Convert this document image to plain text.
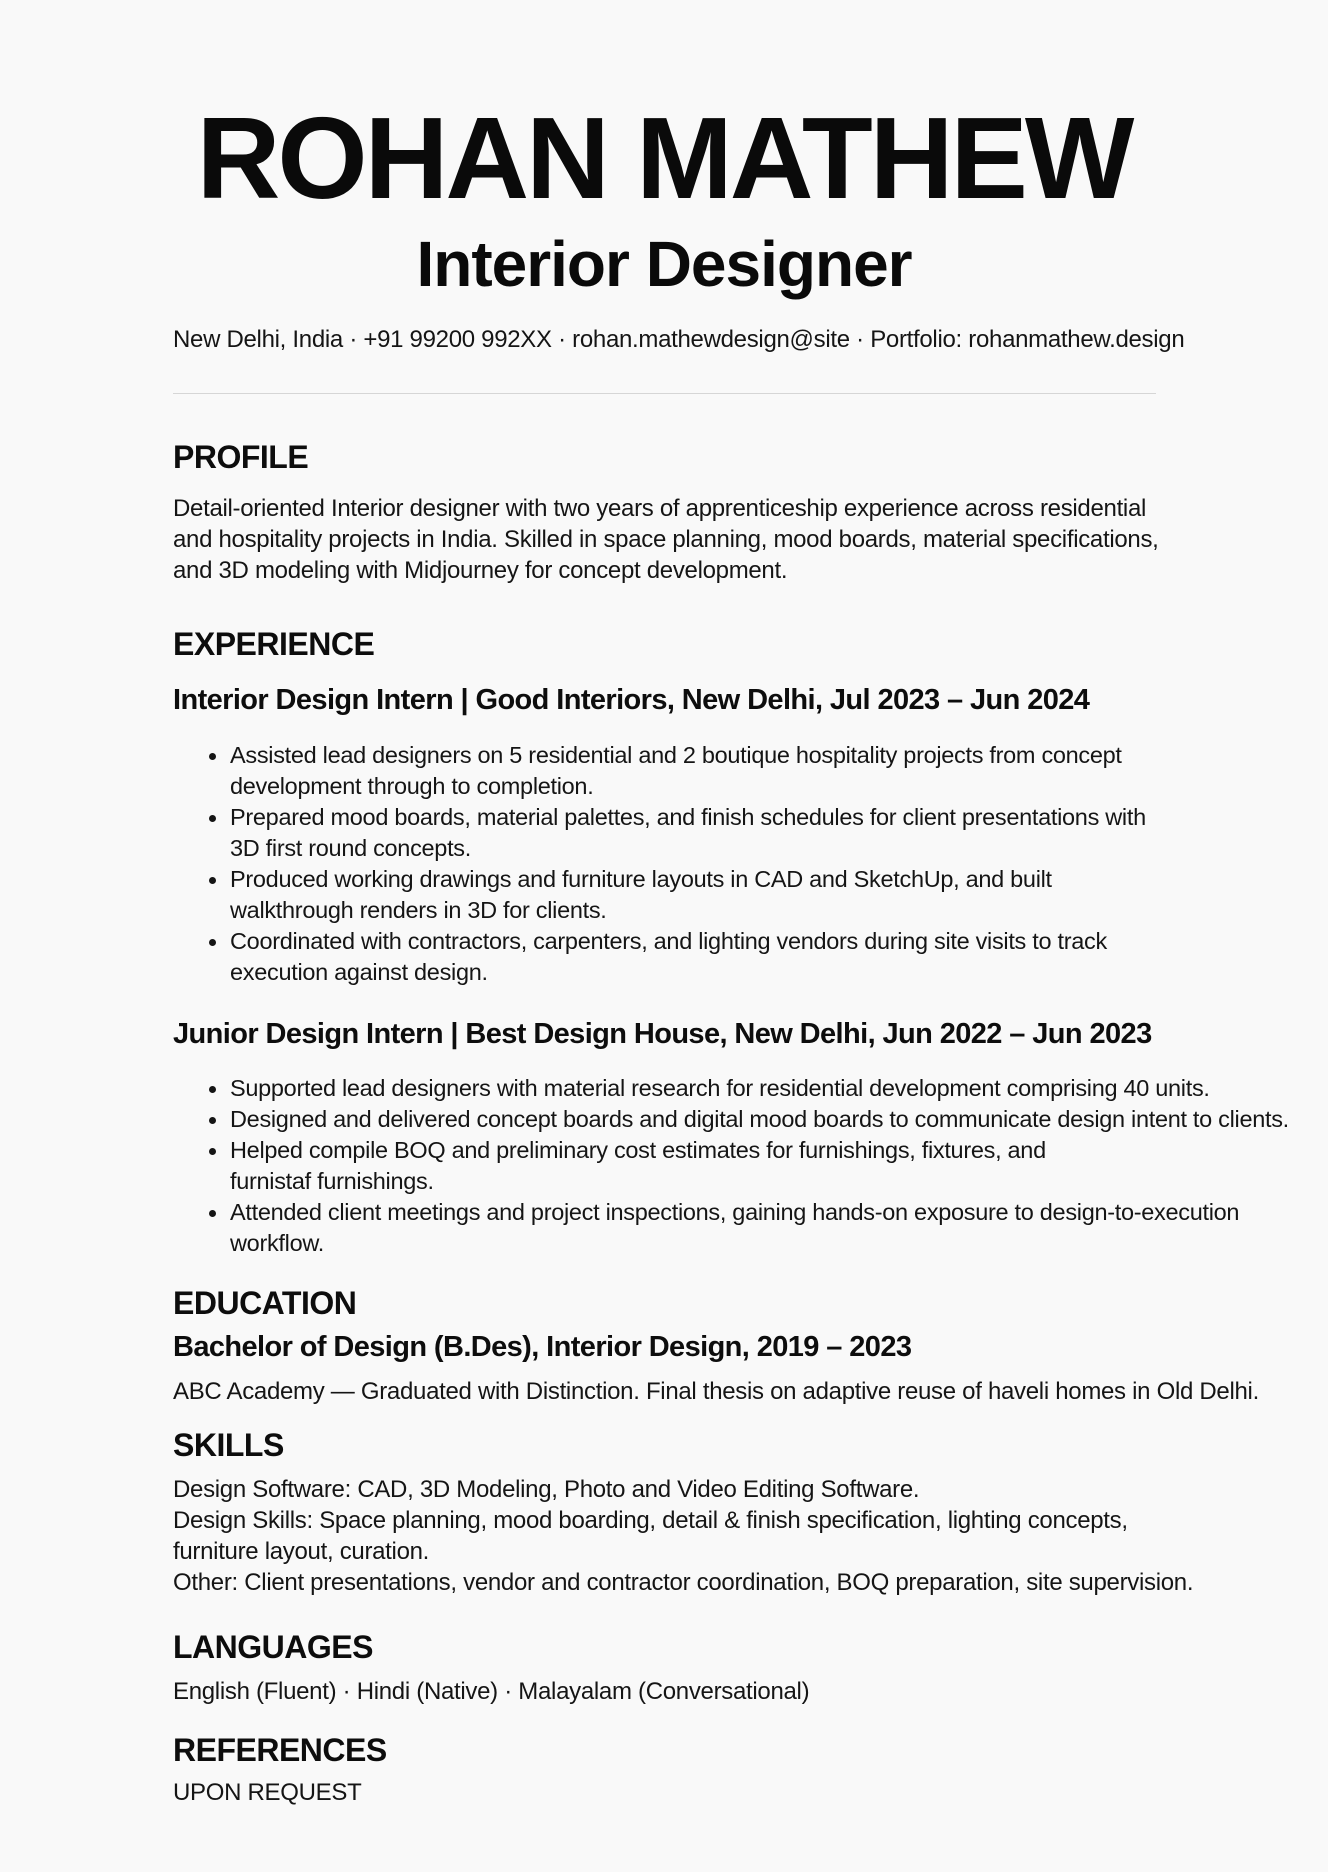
ROHAN MATHEW
Interior Designer
New Delhi, India · +91 99200 992XX · rohan.mathewdesign@site · Portfolio: rohanmathew.design
PROFILE
Detail-oriented Interior designer with two years of apprenticeship experience across residential
and hospitality projects in India. Skilled in space planning, mood boards, material specifications,
and 3D modeling with Midjourney for concept development.
EXPERIENCE
Interior Design Intern | Good Interiors, New Delhi, Jul 2023 – Jun 2024
Assisted lead designers on 5 residential and 2 boutique hospitality projects from concept
development through to completion.
Prepared mood boards, material palettes, and finish schedules for client presentations with
3D first round concepts.
Produced working drawings and furniture layouts in CAD and SketchUp, and built
walkthrough renders in 3D for clients.
Coordinated with contractors, carpenters, and lighting vendors during site visits to track
execution against design.
Junior Design Intern | Best Design House, New Delhi, Jun 2022 – Jun 2023
Supported lead designers with material research for residential development comprising 40 units.
Designed and delivered concept boards and digital mood boards to communicate design intent to clients.
Helped compile BOQ and preliminary cost estimates for furnishings, fixtures, and
furnistaf furnishings.
Attended client meetings and project inspections, gaining hands-on exposure to design-to-execution
workflow.
EDUCATION
Bachelor of Design (B.Des), Interior Design, 2019 – 2023
ABC Academy — Graduated with Distinction. Final thesis on adaptive reuse of haveli homes in Old Delhi.
SKILLS
Design Software: CAD, 3D Modeling, Photo and Video Editing Software.
Design Skills: Space planning, mood boarding, detail & finish specification, lighting concepts,
furniture layout, curation.
Other: Client presentations, vendor and contractor coordination, BOQ preparation, site supervision.
LANGUAGES
English (Fluent) · Hindi (Native) · Malayalam (Conversational)
REFERENCES
UPON REQUEST
